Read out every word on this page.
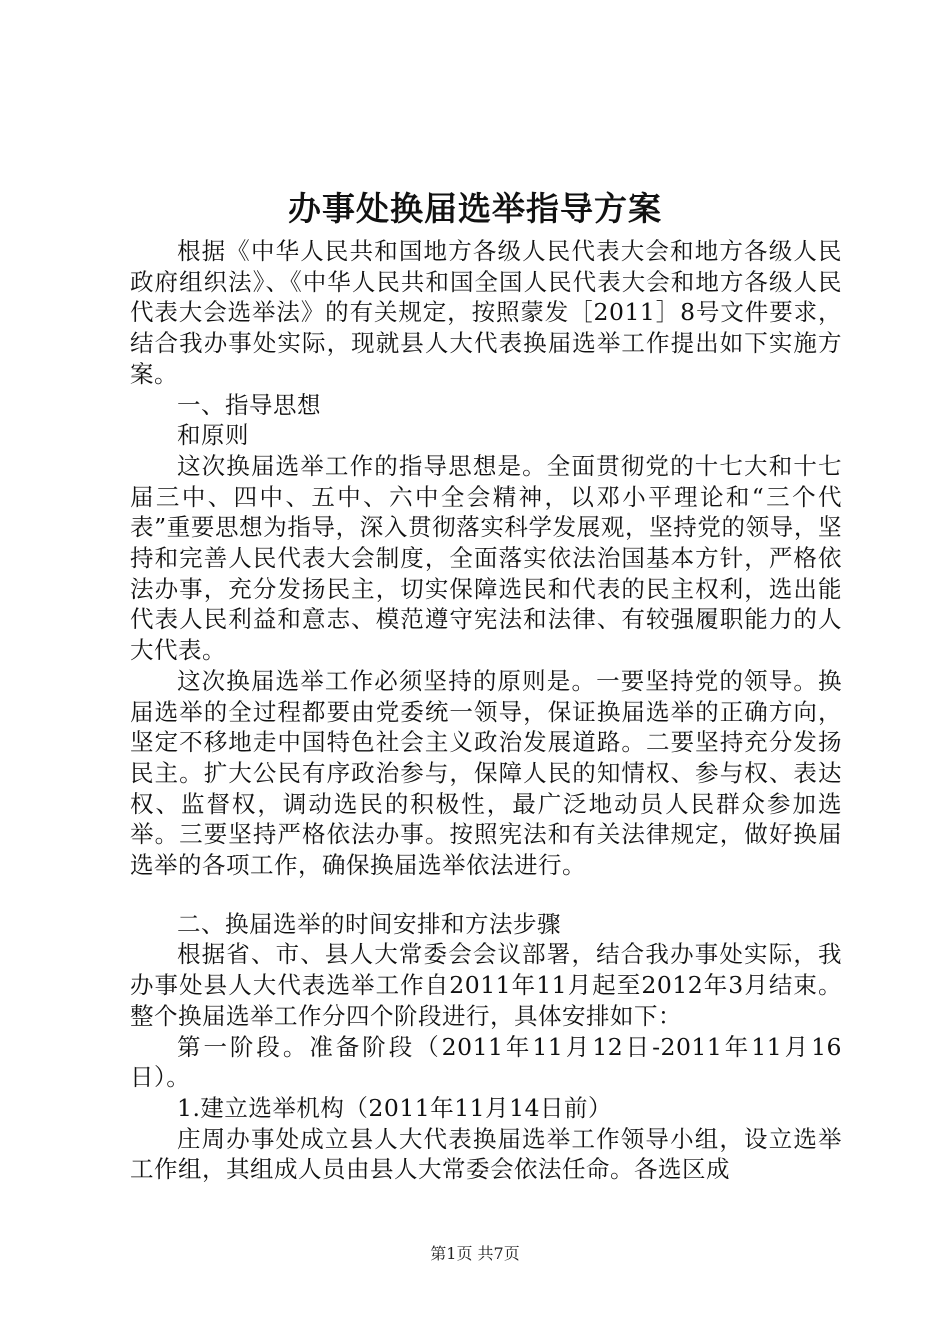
办事处换届选举指导方案

根据《中华人民共和国地方各级人民代表大会和地方各级人民政府组织法》、《中华人民共和国全国人民代表大会和地方各级人民代表大会选举法》的有关规定，按照蒙发［2011］8号文件要求，结合我办事处实际，现就县人大代表换届选举工作提出如下实施方案。

一、指导思想

和原则

这次换届选举工作的指导思想是。全面贯彻党的十七大和十七届三中、四中、五中、六中全会精神，以邓小平理论和“三个代表”重要思想为指导，深入贯彻落实科学发展观，坚持党的领导，坚持和完善人民代表大会制度，全面落实依法治国基本方针，严格依法办事，充分发扬民主，切实保障选民和代表的民主权利，选出能代表人民利益和意志、模范遵守宪法和法律、有较强履职能力的人大代表。

这次换届选举工作必须坚持的原则是。一要坚持党的领导。换届选举的全过程都要由党委统一领导，保证换届选举的正确方向，坚定不移地走中国特色社会主义政治发展道路。二要坚持充分发扬民主。扩大公民有序政治参与，保障人民的知情权、参与权、表达权、监督权，调动选民的积极性，最广泛地动员人民群众参加选举。三要坚持严格依法办事。按照宪法和有关法律规定，做好换届选举的各项工作，确保换届选举依法进行。

二、换届选举的时间安排和方法步骤

根据省、市、县人大常委会会议部署，结合我办事处实际，我办事处县人大代表选举工作自2011年11月起至2012年3月结束。整个换届选举工作分四个阶段进行，具体安排如下：

第一阶段。准备阶段（2011年11月12日-2011年11月16日）。

1.建立选举机构（2011年11月14日前）

庄周办事处成立县人大代表换届选举工作领导小组，设立选举工作组，其组成人员由县人大常委会依法任命。各选区成

第1页 共7页
